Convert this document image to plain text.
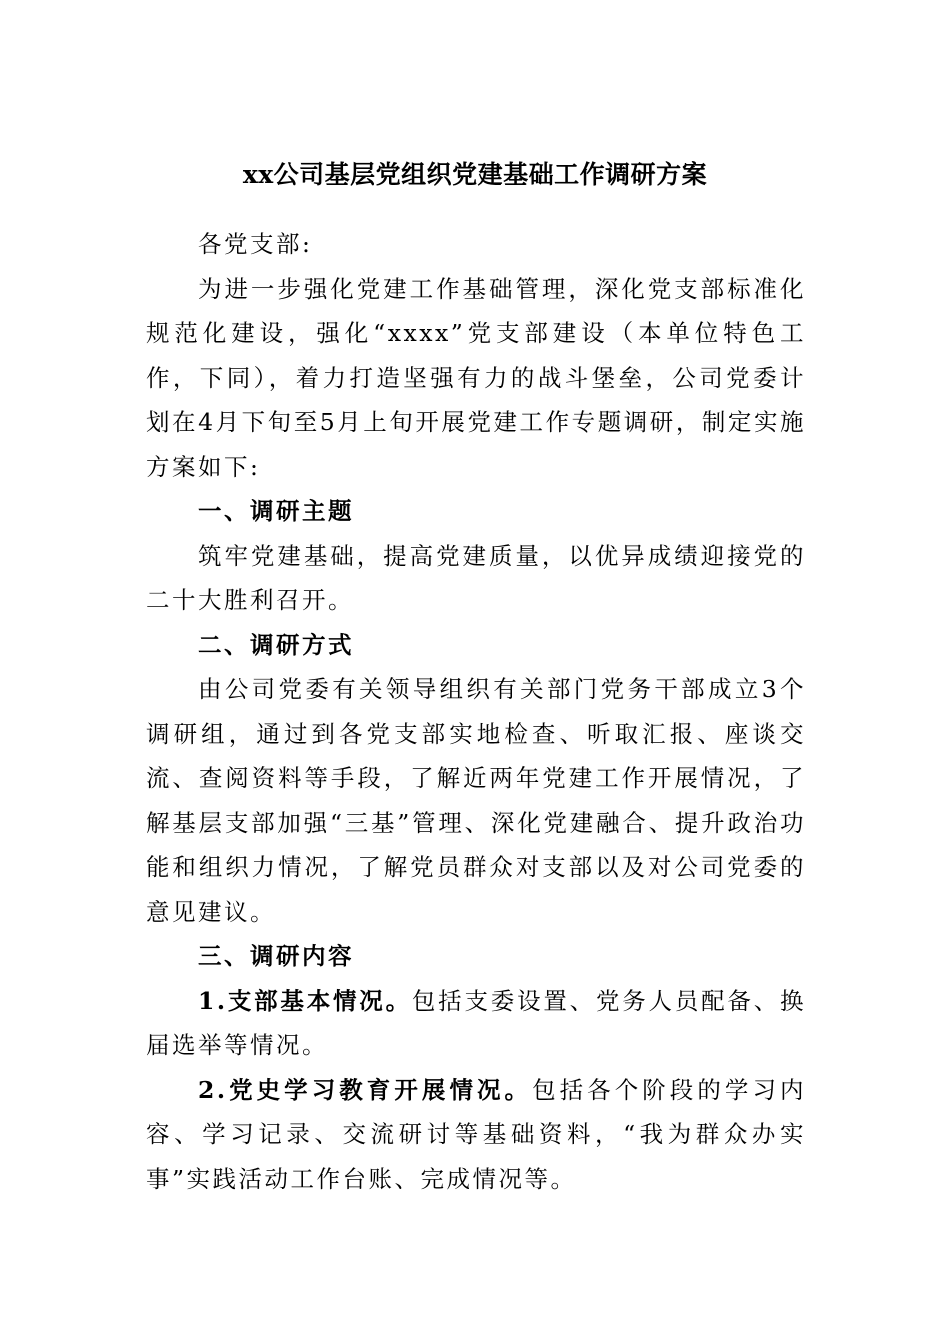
xx公司基层党组织党建基础工作调研方案

各党支部:

为进一步强化党建工作基础管理，深化党支部标准化规范化建设，强化“xxxx”党支部建设（本单位特色工作，下同），着力打造坚强有力的战斗堡垒，公司党委计划在4月下旬至5月上旬开展党建工作专题调研，制定实施方案如下:

一、调研主题

筑牢党建基础，提高党建质量，以优异成绩迎接党的二十大胜利召开。

二、调研方式

由公司党委有关领导组织有关部门党务干部成立3个调研组，通过到各党支部实地检查、听取汇报、座谈交流、查阅资料等手段，了解近两年党建工作开展情况，了解基层支部加强“三基”管理、深化党建融合、提升政治功能和组织力情况，了解党员群众对支部以及对公司党委的意见建议。

三、调研内容

1.支部基本情况。包括支委设置、党务人员配备、换届选举等情况。

2.党史学习教育开展情况。包括各个阶段的学习内容、学习记录、交流研讨等基础资料，“我为群众办实事”实践活动工作台账、完成情况等。
